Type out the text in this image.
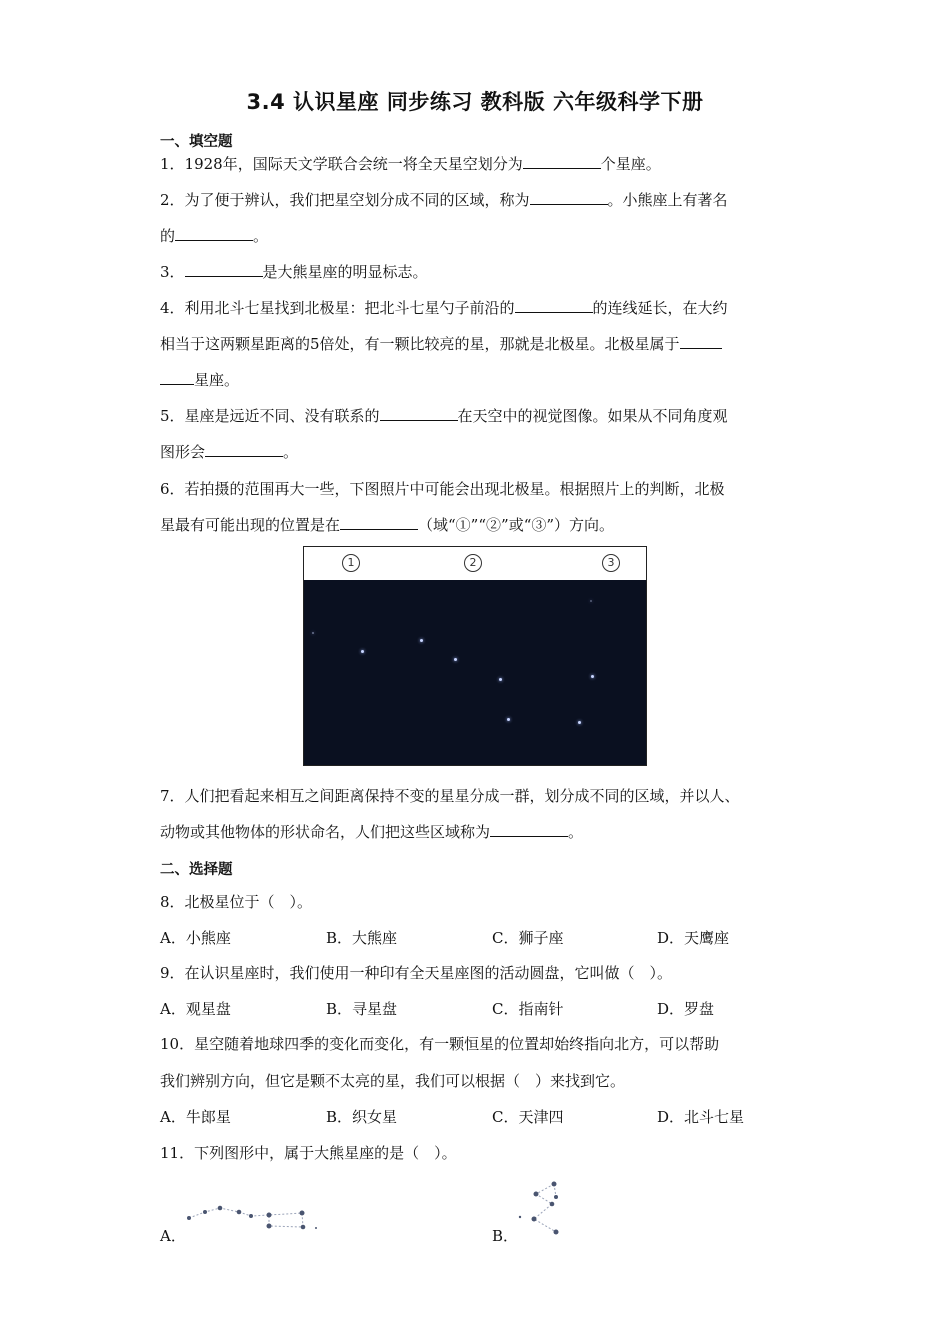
3.4 认识星座 同步练习 教科版 六年级科学下册
一、填空题
1．1928年，国际天文学联合会统一将全天星空划分为	个星座。
2．为了便于辨认，我们把星空划分成不同的区域，称为	。小熊座上有著名
的	。
3．	是大熊星座的明显标志。
4．利用北斗七星找到北极星：把北斗七星勺子前沿的	的连线延长，在大约
相当于这两颗星距离的5倍处，有一颗比较亮的星，那就是北极星。北极星属于
星座。
5．星座是远近不同、没有联系的	在天空中的视觉图像。如果从不同角度观
图形会	。
6．若拍摄的范围再大一些，下图照片中可能会出现北极星。根据照片上的判断，北极
星最有可能出现的位置是在	（域“①”“②”或“③”）方向。
1	2	3
7．人们把看起来相互之间距离保持不变的星星分成一群，划分成不同的区域，并以人、
动物或其他物体的形状命名，人们把这些区域称为	。
二、选择题
8．北极星位于（　）。
A．小熊座	B．大熊座	C．狮子座	D．天鹰座
9．在认识星座时，我们使用一种印有全天星座图的活动圆盘，它叫做（　）。
A．观星盘	B．寻星盘	C．指南针	D．罗盘
10．星空随着地球四季的变化而变化，有一颗恒星的位置却始终指向北方，可以帮助
我们辨别方向，但它是颗不太亮的星，我们可以根据（　）来找到它。
A．牛郎星	B．织女星	C．天津四	D．北斗七星
11．下列图形中，属于大熊星座的是（　）。
A．	B．
